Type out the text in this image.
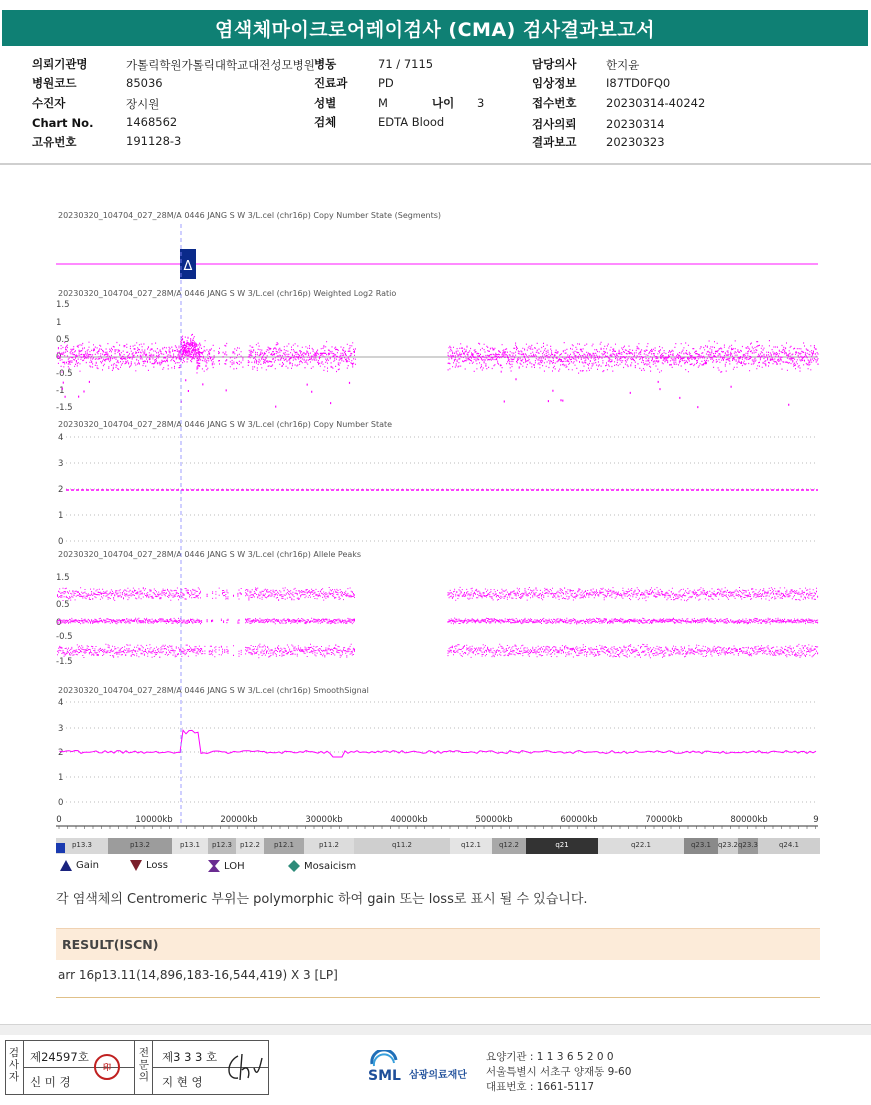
염색체마이크로어레이검사 (CMA) 검사결과보고서
의뢰기관명	가톨릭학원가톨릭대학교대전성모병원 병동	71 / 7115	담당의사	한지윤
병원코드	85036	진료과	PD	임상정보	I87TD0FQ0
수진자	장시원	성별	M	나이 3	접수번호	20230314-40242
Chart No.	1468562	검체	EDTA Blood	검사의뢰	20230314
고유번호	191128-3	결과보고	20230323
20230320_104704_027_28M/A 0446 JANG S W 3/L.cel (chr16p) Copy Number State (Segments)
20230320_104704_027_28M/A 0446 JANG S W 3/L.cel (chr16p) Weighted Log2 Ratio
20230320_104704_027_28M/A 0446 JANG S W 3/L.cel (chr16p) Copy Number State
20230320_104704_027_28M/A 0446 JANG S W 3/L.cel (chr16p) Allele Peaks
20230320_104704_027_28M/A 0446 JANG S W 3/L.cel (chr16p) SmoothSignal
1.5
1
0.5
0
-0.5
-1
-1.5
4
3
2
1
0
1.5
0.5
0
-0.5
-1.5
4
3
2
1
0
Δ
0	10000kb	20000kb	30000kb	40000kb	50000kb	60000kb	70000kb	80000kb	9
p13.3	p13.2	p13.1 p12.3 p12.2 p12.1	p11.2	q11.2	q12.1	q12.2	q21	q22.1	q23.1 q23.2 q23.3	q24.1
Gain	Loss	LOH	Mosaicism
각 염색체의 Centromeric 부위는 polymorphic 하여 gain 또는 loss로 표시 될 수 있습니다.
RESULT(ISCN)
arr 16p13.11(14,896,183-16,544,419) X 3 [LP]
검
사
자
제24597호
신 미 경
印
전
문
의
제3 3 3 호
지 현 영	SML 삼광의료재단
요양기관 : 1 1 3 6 5 2 0 0
서울특별시 서초구 양재동 9-60
대표번호 : 1661-5117
